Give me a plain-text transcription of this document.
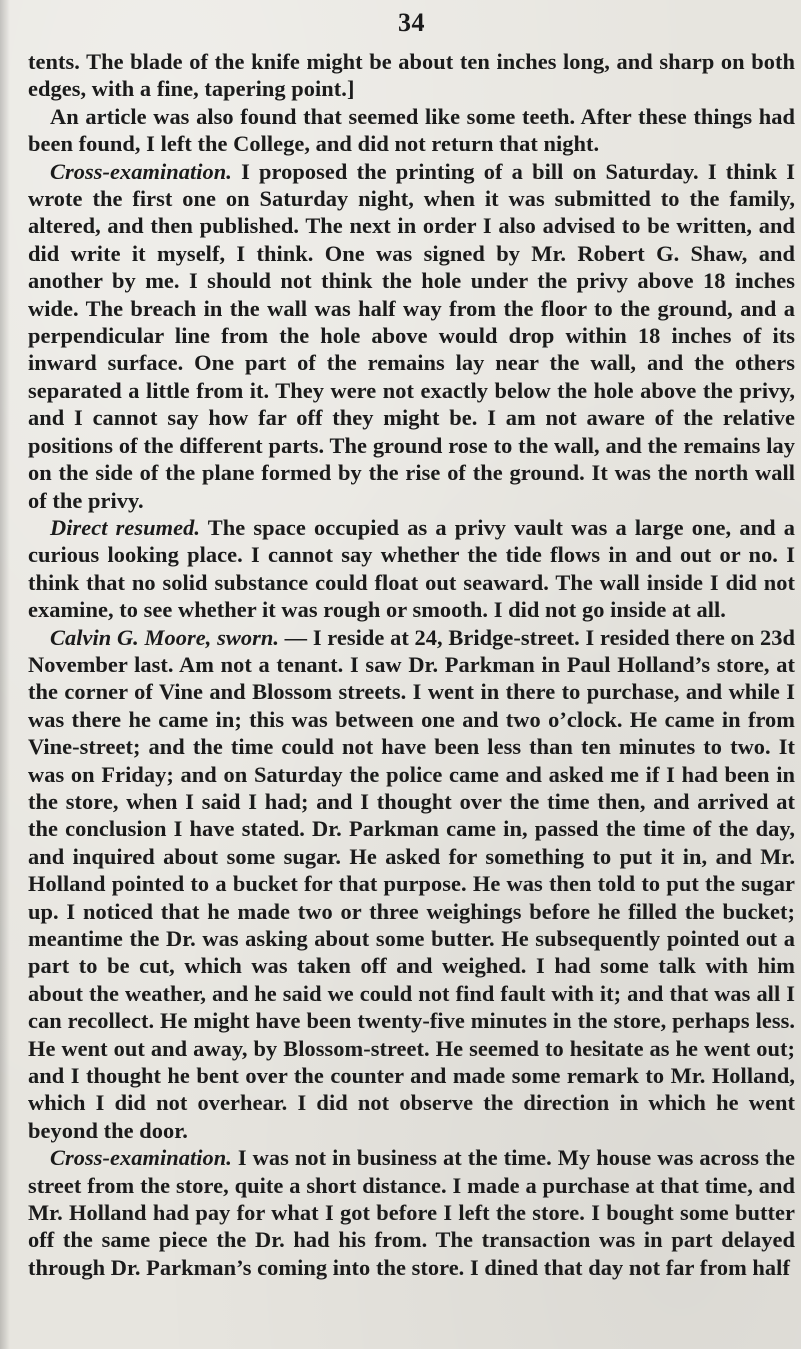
34

tents. The blade of the knife might be about ten inches long, and sharp on both edges, with a fine, tapering point.]

An article was also found that seemed like some teeth. After these things had been found, I left the College, and did not return that night.

Cross-examination. I proposed the printing of a bill on Saturday. I think I wrote the first one on Saturday night, when it was submitted to the family, altered, and then published. The next in order I also advised to be written, and did write it myself, I think. One was signed by Mr. Robert G. Shaw, and another by me. I should not think the hole under the privy above 18 inches wide. The breach in the wall was half way from the floor to the ground, and a perpendicular line from the hole above would drop within 18 inches of its inward surface. One part of the remains lay near the wall, and the others separated a little from it. They were not exactly below the hole above the privy, and I cannot say how far off they might be. I am not aware of the relative positions of the different parts. The ground rose to the wall, and the remains lay on the side of the plane formed by the rise of the ground. It was the north wall of the privy.

Direct resumed. The space occupied as a privy vault was a large one, and a curious looking place. I cannot say whether the tide flows in and out or no. I think that no solid substance could float out seaward. The wall inside I did not examine, to see whether it was rough or smooth. I did not go inside at all.

Calvin G. Moore, sworn. — I reside at 24, Bridge-street. I resided there on 23d November last. Am not a tenant. I saw Dr. Parkman in Paul Holland’s store, at the corner of Vine and Blossom streets. I went in there to purchase, and while I was there he came in; this was between one and two o’clock. He came in from Vine-street; and the time could not have been less than ten minutes to two. It was on Friday; and on Saturday the police came and asked me if I had been in the store, when I said I had; and I thought over the time then, and arrived at the conclusion I have stated. Dr. Parkman came in, passed the time of the day, and inquired about some sugar. He asked for something to put it in, and Mr. Holland pointed to a bucket for that purpose. He was then told to put the sugar up. I noticed that he made two or three weighings before he filled the bucket; meantime the Dr. was asking about some butter. He subsequently pointed out a part to be cut, which was taken off and weighed. I had some talk with him about the weather, and he said we could not find fault with it; and that was all I can recollect. He might have been twenty-five minutes in the store, perhaps less. He went out and away, by Blossom-street. He seemed to hesitate as he went out; and I thought he bent over the counter and made some remark to Mr. Holland, which I did not overhear. I did not observe the direction in which he went beyond the door.

Cross-examination. I was not in business at the time. My house was across the street from the store, quite a short distance. I made a purchase at that time, and Mr. Holland had pay for what I got before I left the store. I bought some butter off the same piece the Dr. had his from. The transaction was in part delayed through Dr. Parkman’s coming into the store. I dined that day not far from half
